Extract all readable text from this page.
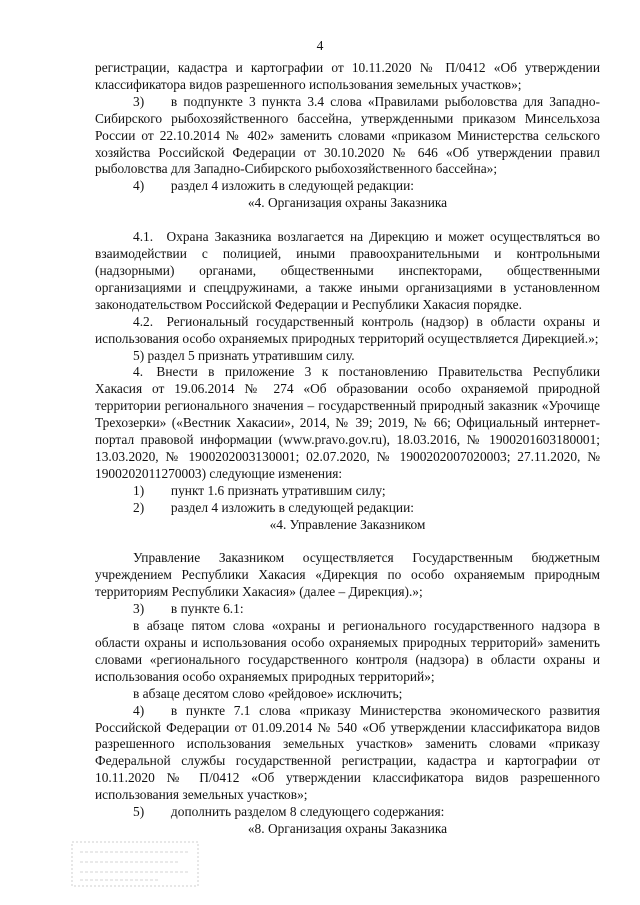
4

регистрации, кадастра и картографии от 10.11.2020 № П/0412 «Об утверждении классификатора видов разрешенного использования земельных участков»;

3)  в подпункте 3 пункта 3.4 слова «Правилами рыболовства для Западно-Сибирского рыбохозяйственного бассейна, утвержденными приказом Минсельхоза России от 22.10.2014 № 402» заменить словами «приказом Министерства сельского хозяйства Российской Федерации от 30.10.2020 № 646 «Об утверждении правил рыболовства для Западно-Сибирского рыбохозяйственного бассейна»;

4)  раздел 4 изложить в следующей редакции:

«4. Организация охраны Заказника

4.1. Охрана Заказника возлагается на Дирекцию и может осуществляться во взаимодействии с полицией, иными правоохранительными и контрольными (надзорными) органами, общественными инспекторами, общественными организациями и спецдружинами, а также иными организациями в установленном законодательством Российской Федерации и Республики Хакасия порядке.

4.2. Региональный государственный контроль (надзор) в области охраны и использования особо охраняемых природных территорий осуществляется Дирекцией.»;

5) раздел 5 признать утратившим силу.

4. Внести в приложение 3 к постановлению Правительства Республики Хакасия от 19.06.2014 № 274 «Об образовании особо охраняемой природной территории регионального значения – государственный природный заказник «Урочище Трехозерки» («Вестник Хакасии», 2014, № 39; 2019, № 66; Официальный интернет-портал правовой информации (www.pravo.gov.ru), 18.03.2016, № 1900201603180001; 13.03.2020, № 1900202003130001; 02.07.2020, № 1900202007020003; 27.11.2020, № 1900202011270003) следующие изменения:

1)  пункт 1.6 признать утратившим силу;

2)  раздел 4 изложить в следующей редакции:

«4. Управление Заказником

Управление Заказником осуществляется Государственным бюджетным учреждением Республики Хакасия «Дирекция по особо охраняемым природным территориям Республики Хакасия» (далее – Дирекция).»;

3)  в пункте 6.1:

в абзаце пятом слова «охраны и регионального государственного надзора в области охраны и использования особо охраняемых природных территорий» заменить словами «регионального государственного контроля (надзора) в области охраны и использования особо охраняемых природных территорий»;

в абзаце десятом слово «рейдовое» исключить;

4)  в пункте 7.1 слова «приказу Министерства экономического развития Российской Федерации от 01.09.2014 № 540 «Об утверждении классификатора видов разрешенного использования земельных участков» заменить словами «приказу Федеральной службы государственной регистрации, кадастра и картографии от 10.11.2020 № П/0412 «Об утверждении классификатора видов разрешенного использования земельных участков»;

5)  дополнить разделом 8 следующего содержания:

«8. Организация охраны Заказника
